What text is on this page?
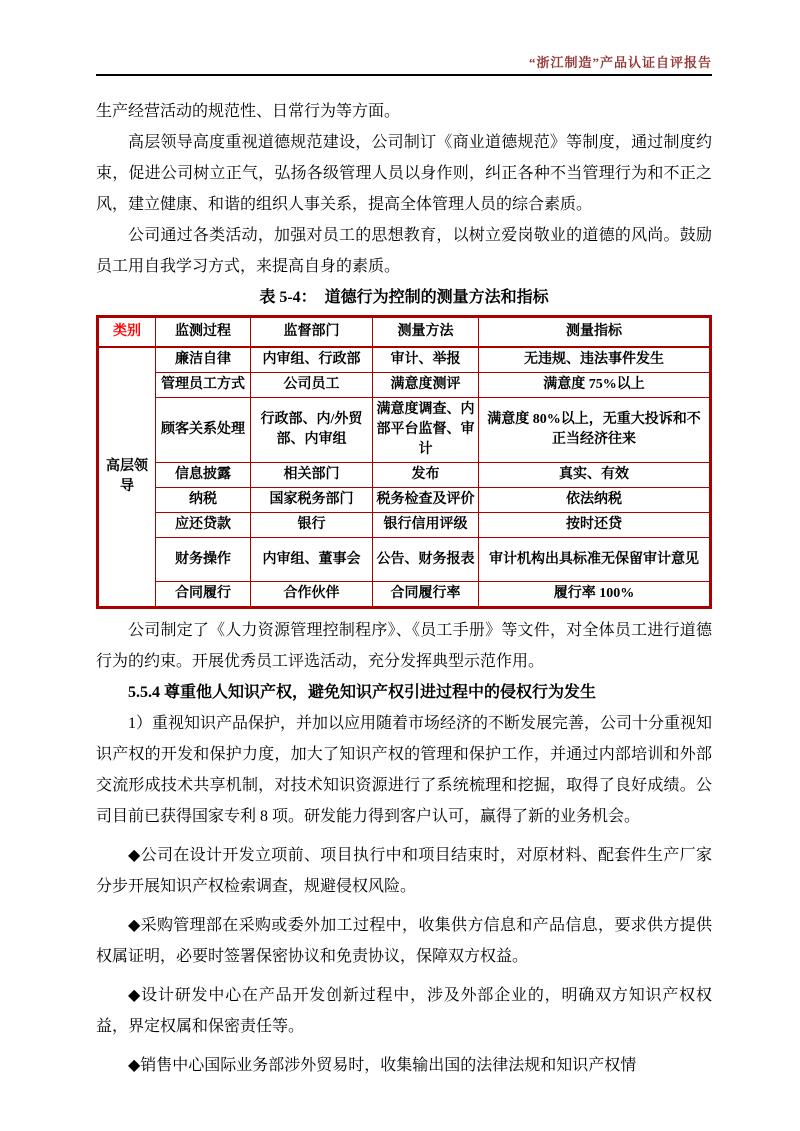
“浙江制造”产品认证自评报告

生产经营活动的规范性、日常行为等方面。

高层领导高度重视道德规范建设，公司制订《商业道德规范》等制度，通过制度约束，促进公司树立正气，弘扬各级管理人员以身作则，纠正各种不当管理行为和不正之风，建立健康、和谐的组织人事关系，提高全体管理人员的综合素质。

公司通过各类活动，加强对员工的思想教育，以树立爱岗敬业的道德的风尚。鼓励员工用自我学习方式，来提高自身的素质。

表 5-4：　道德行为控制的测量方法和指标
类别	监测过程	监督部门	测量方法	测量指标
高层领导	廉洁自律	内审组、行政部	审计、举报	无违规、违法事件发生
	管理员工方式	公司员工	满意度测评	满意度 75%以上
	顾客关系处理	行政部、内/外贸部、内审组	满意度调查、内部平台监督、审计	满意度 80%以上，无重大投诉和不正当经济往来
	信息披露	相关部门	发布	真实、有效
	纳税	国家税务部门	税务检查及评价	依法纳税
	应还贷款	银行	银行信用评级	按时还贷
	财务操作	内审组、董事会	公告、财务报表	审计机构出具标准无保留审计意见
	合同履行	合作伙伴	合同履行率	履行率 100%

公司制定了《人力资源管理控制程序》、《员工手册》等文件，对全体员工进行道德行为的约束。开展优秀员工评选活动，充分发挥典型示范作用。

5.5.4 尊重他人知识产权，避免知识产权引进过程中的侵权行为发生

1）重视知识产品保护，并加以应用随着市场经济的不断发展完善，公司十分重视知识产权的开发和保护力度，加大了知识产权的管理和保护工作，并通过内部培训和外部交流形成技术共享机制，对技术知识资源进行了系统梳理和挖掘，取得了良好成绩。公司目前已获得国家专利 8 项。研发能力得到客户认可，赢得了新的业务机会。

◆公司在设计开发立项前、项目执行中和项目结束时，对原材料、配套件生产厂家分步开展知识产权检索调查，规避侵权风险。

◆采购管理部在采购或委外加工过程中，收集供方信息和产品信息，要求供方提供权属证明，必要时签署保密协议和免责协议，保障双方权益。

◆设计研发中心在产品开发创新过程中，涉及外部企业的，明确双方知识产权权益，界定权属和保密责任等。

◆销售中心国际业务部涉外贸易时，收集输出国的法律法规和知识产权情
